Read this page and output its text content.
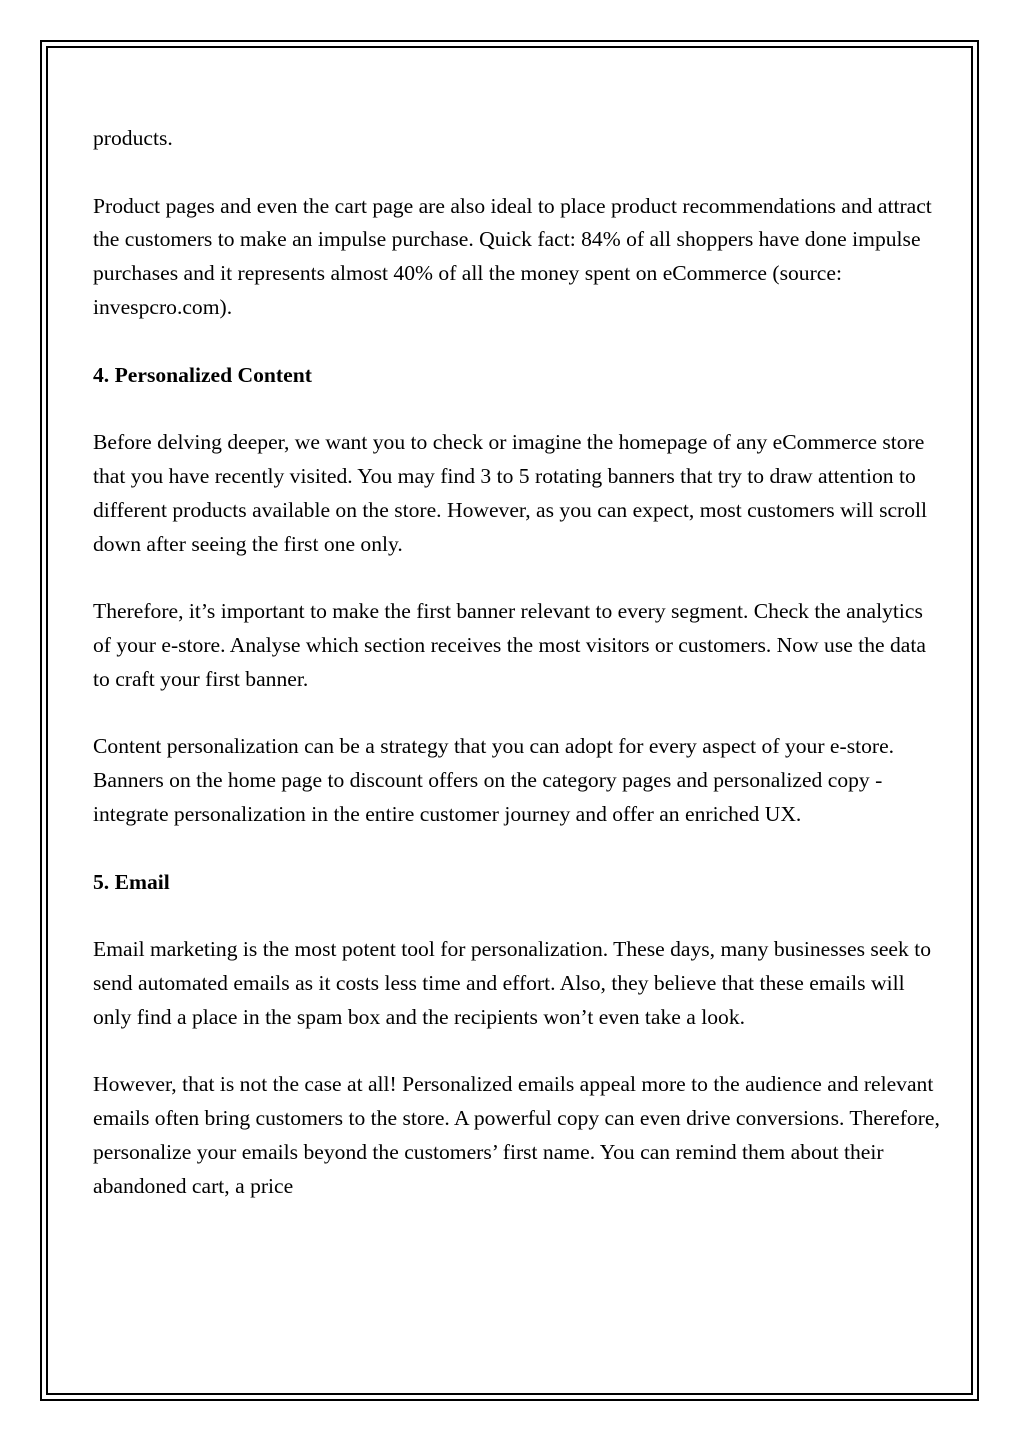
products.

Product pages and even the cart page are also ideal to place product recommendations and attract the customers to make an impulse purchase. Quick fact: 84% of all shoppers have done impulse purchases and it represents almost 40% of all the money spent on eCommerce (source: invespcro.com).

4. Personalized Content

Before delving deeper, we want you to check or imagine the homepage of any eCommerce store that you have recently visited. You may find 3 to 5 rotating banners that try to draw attention to different products available on the store. However, as you can expect, most customers will scroll down after seeing the first one only.

Therefore, it’s important to make the first banner relevant to every segment. Check the analytics of your e-store. Analyse which section receives the most visitors or customers. Now use the data to craft your first banner.

Content personalization can be a strategy that you can adopt for every aspect of your e-store. Banners on the home page to discount offers on the category pages and personalized copy - integrate personalization in the entire customer journey and offer an enriched UX.

5. Email

Email marketing is the most potent tool for personalization. These days, many businesses seek to send automated emails as it costs less time and effort. Also, they believe that these emails will only find a place in the spam box and the recipients won’t even take a look.

However, that is not the case at all! Personalized emails appeal more to the audience and relevant emails often bring customers to the store. A powerful copy can even drive conversions. Therefore, personalize your emails beyond the customers’ first name. You can remind them about their abandoned cart, a price
